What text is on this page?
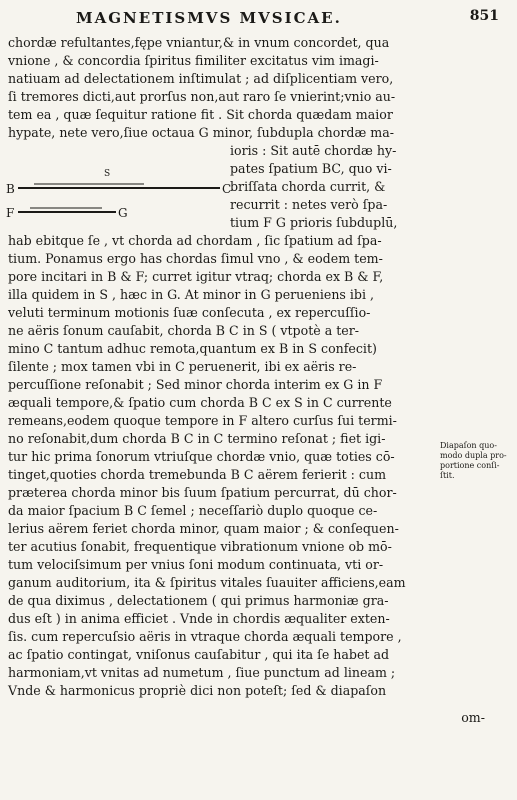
MAGNETISMVS MVSICAE.	851
chordæ refultantes,fępe vniantur,& in vnum concordet, qua
vnione , & concordia ſpiritus fimiliter excitatus vim imagi-
natiuam ad delectationem inſtimulat ; ad diſplicentiam vero,
ſi tremores dicti,aut prorſus non,aut raro ſe vnierint;vnio au-
tem ea , quæ ſequitur ratione fit . Sit chorda quædam maior
hypate, nete vero,ſiue octaua G minor, ſubdupla chordæ ma-
ioris : Sit autē chordæ hy-
pates ſpatium BC, quo vi-
briſſata chorda currit, &
recurrit : netes verò ſpa-
tium F G prioris ſubduplū,
S
B	C
F	G
hab ebitque ſe , vt chorda ad chordam , ſic ſpatium ad ſpa-
tium. Ponamus ergo has chordas ſimul vno , & eodem tem-
pore incitari in B & F; curret igitur vtraq; chorda ex B & F,
illa quidem in S , hæc in G. At minor in G perueniens ibi ,
veluti terminum motionis ſuæ conſecuta , ex repercuſſio-
ne aëris ſonum cauſabit, chorda B C in S ( vtpotè a ter-
mino C tantum adhuc remota,quantum ex B in S confecit)
ſilente ; mox tamen vbi in C peruenerit, ibi ex aëris re-
percuſſione reſonabit ; Sed minor chorda interim ex G in F
æquali tempore,& ſpatio cum chorda B C ex S in C currente
remeans,eodem quoque tempore in F altero curſus ſui termi-
no reſonabit,dum chorda B C in C termino reſonat ; fiet igi-
tur hic prima ſonorum vtriuſque chordæ vnio, quæ toties cō-
tinget,quoties chorda tremebunda B C aërem ferierit : cum
præterea chorda minor bis ſuum ſpatium percurrat, dū chor-
da maior ſpacium B C ſemel ; neceſſariò duplo quoque ce-
lerius aërem feriet chorda minor, quam maior ; & conſequen-
ter acutius ſonabit, frequentique vibrationum vnione ob mō-
tum velociſsimum per vnius ſoni modum continuata, vti or-
ganum auditorium, ita & ſpiritus vitales ſuauiter afficiens,eam
de qua diximus , delectationem ( qui primus harmoniæ gra-
dus eſt ) in anima efficiet . Vnde in chordis æqualiter exten-
ſis. cum repercuſsio aëris in vtraque chorda æquali tempore ,
ac ſpatio contingat, vniſonus cauſabitur , qui ita ſe habet ad
harmoniam,vt vnitas ad numetum , ſiue punctum ad lineam ;
Vnde & harmonicus propriè dici non poteſt; ſed & diapaſon
Diapaſon quo-modo dupla pro-portione conſi-ſtit.
om-
